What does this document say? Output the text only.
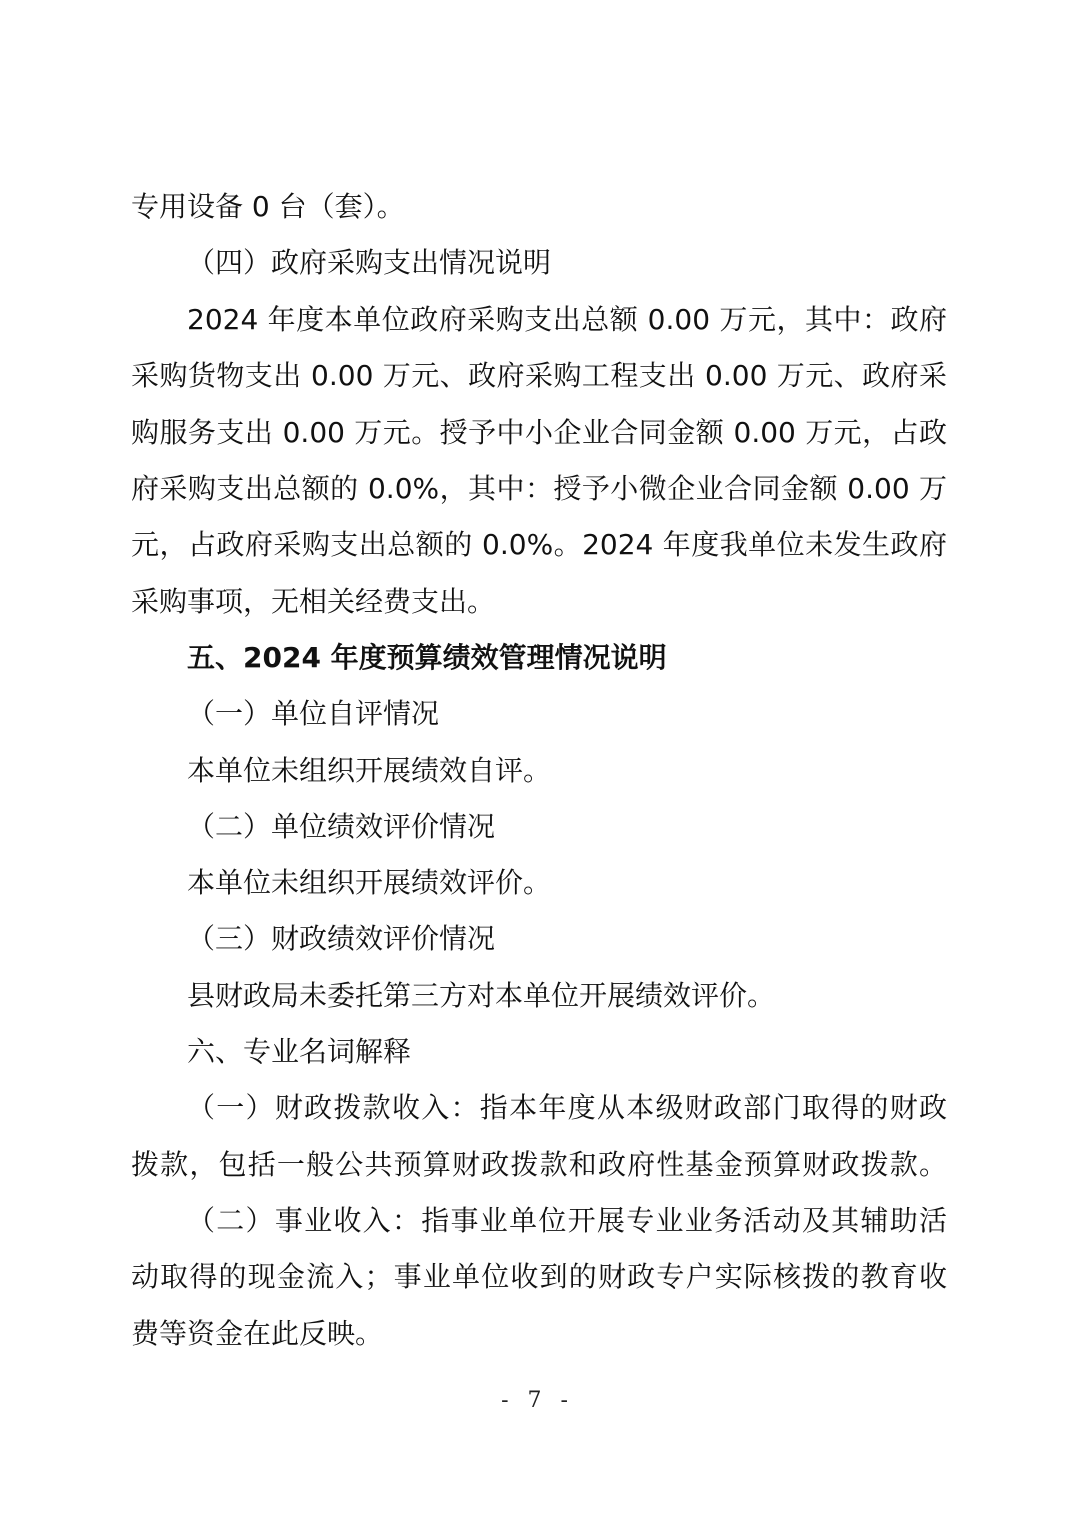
专用设备 0 台（套）。
（四）政府采购支出情况说明
2024 年度本单位政府采购支出总额 0.00 万元，其中：政府
采购货物支出 0.00 万元、政府采购工程支出 0.00 万元、政府采
购服务支出 0.00 万元。授予中小企业合同金额 0.00 万元，占政
府采购支出总额的 0.0%，其中：授予小微企业合同金额 0.00 万
元，占政府采购支出总额的 0.0%。2024 年度我单位未发生政府
采购事项，无相关经费支出。
五、2024 年度预算绩效管理情况说明
（一）单位自评情况
本单位未组织开展绩效自评。
（二）单位绩效评价情况
本单位未组织开展绩效评价。
（三）财政绩效评价情况
县财政局未委托第三方对本单位开展绩效评价。
六、专业名词解释
（一）财政拨款收入：指本年度从本级财政部门取得的财政
拨款，包括一般公共预算财政拨款和政府性基金预算财政拨款。
（二）事业收入：指事业单位开展专业业务活动及其辅助活
动取得的现金流入；事业单位收到的财政专户实际核拨的教育收
费等资金在此反映。
- 7 -
